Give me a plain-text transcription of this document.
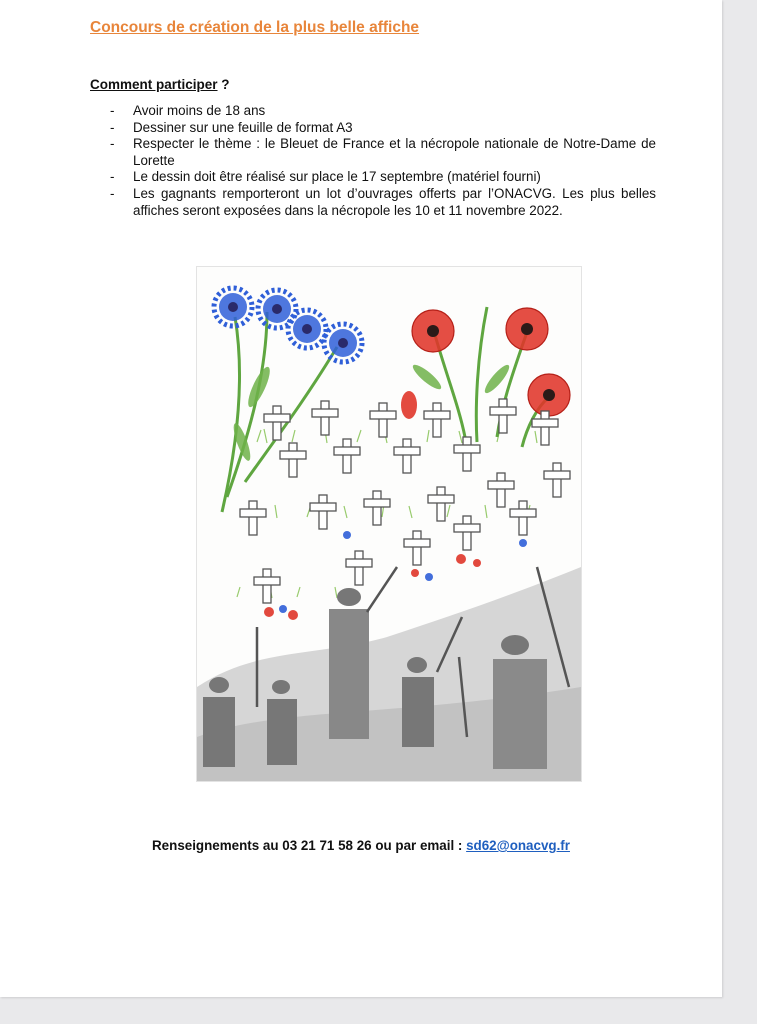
Concours de création de la plus belle affiche

Comment participer ?

- Avoir moins de 18 ans
- Dessiner sur une feuille de format A3
- Respecter le thème : le Bleuet de France et la nécropole nationale de Notre-Dame de Lorette
- Le dessin doit être réalisé sur place le 17 septembre (matériel fourni)
- Les gagnants remporteront un lot d’ouvrages offerts par l’ONACVG. Les plus belles affiches seront exposées dans la nécropole les 10 et 11 novembre 2022.

Renseignements au 03 21 71 58 26 ou par email : sd62@onacvg.fr
